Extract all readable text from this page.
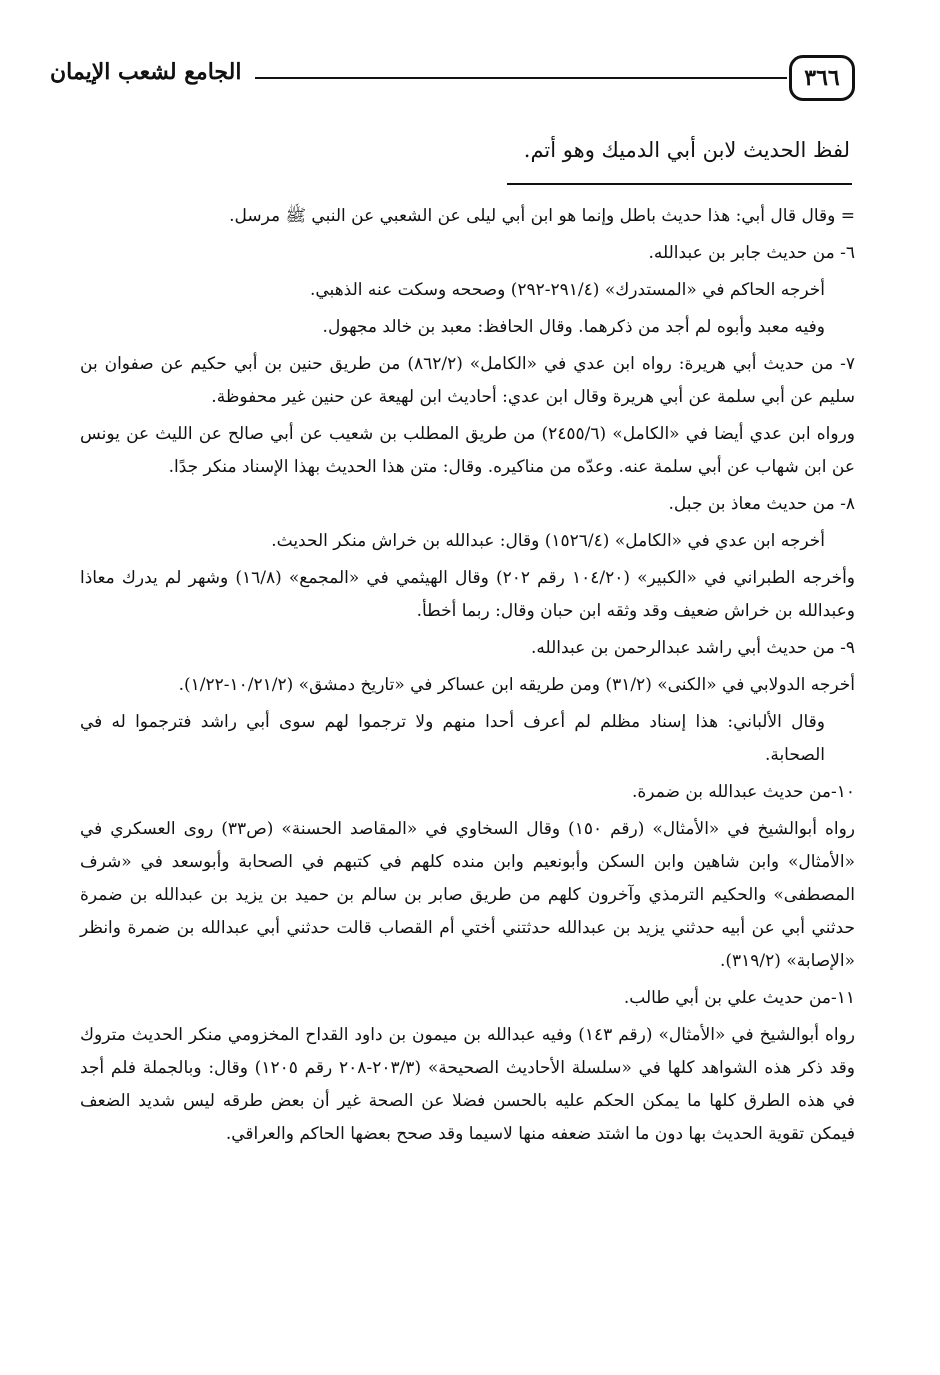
٣٦٦
الجامع لشعب الإيمان
لفظ الحديث لابن أبي الدميك وهو أتم.

= وقال قال أبي: هذا حديث باطل وإنما هو ابن أبي ليلى عن الشعبي عن النبي ﷺ مرسل.

٦- من حديث جابر بن عبدالله.

أخرجه الحاكم في «المستدرك» (٢٩١/٤-٢٩٢) وصححه وسكت عنه الذهبي.

وفيه معبد وأبوه لم أجد من ذكرهما. وقال الحافظ: معبد بن خالد مجهول.

٧- من حديث أبي هريرة: رواه ابن عدي في «الكامل» (٨٦٢/٢) من طريق حنين بن أبي حكيم عن صفوان بن سليم عن أبي سلمة عن أبي هريرة وقال ابن عدي: أحاديث ابن لهيعة عن حنين غير محفوظة.

ورواه ابن عدي أيضا في «الكامل» (٢٤٥٥/٦) من طريق المطلب بن شعيب عن أبي صالح عن الليث عن يونس عن ابن شهاب عن أبي سلمة عنه. وعدّه من مناكيره. وقال: متن هذا الحديث بهذا الإسناد منكر جدًا.

٨- من حديث معاذ بن جبل.

أخرجه ابن عدي في «الكامل» (١٥٢٦/٤) وقال: عبدالله بن خراش منكر الحديث.

وأخرجه الطبراني في «الكبير» (١٠٤/٢٠ رقم ٢٠٢) وقال الهيثمي في «المجمع» (١٦/٨) وشهر لم يدرك معاذا وعبدالله بن خراش ضعيف وقد وثقه ابن حبان وقال: ربما أخطأ.

٩- من حديث أبي راشد عبدالرحمن بن عبدالله.

أخرجه الدولابي في «الكنى» (٣١/٢) ومن طريقه ابن عساكر في «تاريخ دمشق» (١٠/٢١/٢-١/٢٢).

وقال الألباني: هذا إسناد مظلم لم أعرف أحدا منهم ولا ترجموا لهم سوى أبي راشد فترجموا له في الصحابة.

١٠-من حديث عبدالله بن ضمرة.

رواه أبوالشيخ في «الأمثال» (رقم ١٥٠) وقال السخاوي في «المقاصد الحسنة» (ص٣٣) روى العسكري في «الأمثال» وابن شاهين وابن السكن وأبونعيم وابن منده كلهم في كتبهم في الصحابة وأبوسعد في «شرف المصطفى» والحكيم الترمذي وآخرون كلهم من طريق صابر بن سالم بن حميد بن يزيد بن عبدالله بن ضمرة حدثني أبي عن أبيه حدثني يزيد بن عبدالله حدثتني أختي أم القصاب قالت حدثني أبي عبدالله بن ضمرة وانظر «الإصابة» (٣١٩/٢).

١١-من حديث علي بن أبي طالب.

رواه أبوالشيخ في «الأمثال» (رقم ١٤٣) وفيه عبدالله بن ميمون بن داود القداح المخزومي منكر الحديث متروك وقد ذكر هذه الشواهد كلها في «سلسلة الأحاديث الصحيحة» (٢٠٣/٣-٢٠٨ رقم ١٢٠٥) وقال: وبالجملة فلم أجد في هذه الطرق كلها ما يمكن الحكم عليه بالحسن فضلا عن الصحة غير أن بعض طرقه ليس شديد الضعف فيمكن تقوية الحديث بها دون ما اشتد ضعفه منها لاسيما وقد صحح بعضها الحاكم والعراقي.
